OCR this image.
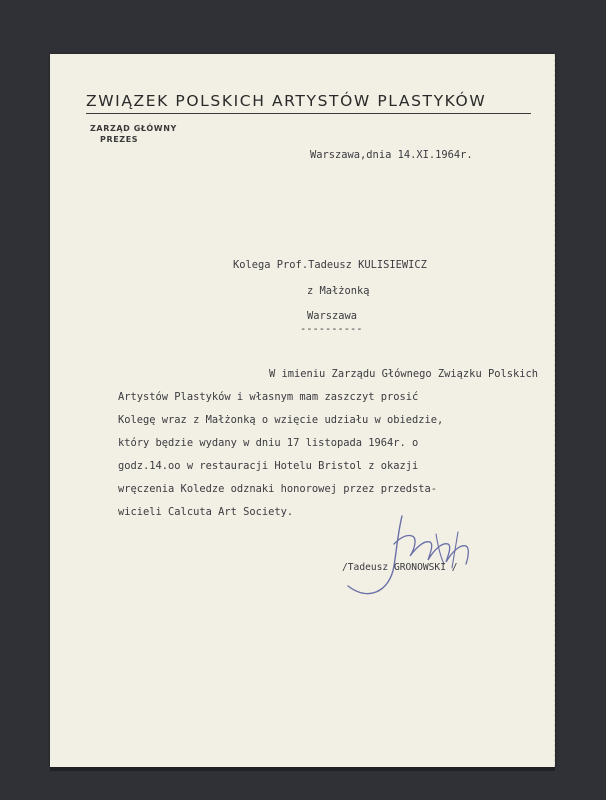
ZWIĄZEK POLSKICH ARTYSTÓW PLASTYKÓW
ZARZĄD GŁÓWNY
PREZES
Warszawa,dnia 14.XI.1964r.
Kolega Prof.Tadeusz KULISIEWICZ
z Małżonką
Warszawa
----------
W imieniu Zarządu Głównego Związku Polskich
Artystów Plastyków i własnym mam zaszczyt prosić
Kolegę wraz z Małżonką o wzięcie udziału w obiedzie,
który będzie wydany w dniu 17 listopada 1964r. o
godz.14.oo w restauracji Hotelu Bristol z okazji
wręczenia Koledze odznaki honorowej przez przedsta-
wicieli Calcuta Art Society.
/Tadeusz GRONOWSKI /
